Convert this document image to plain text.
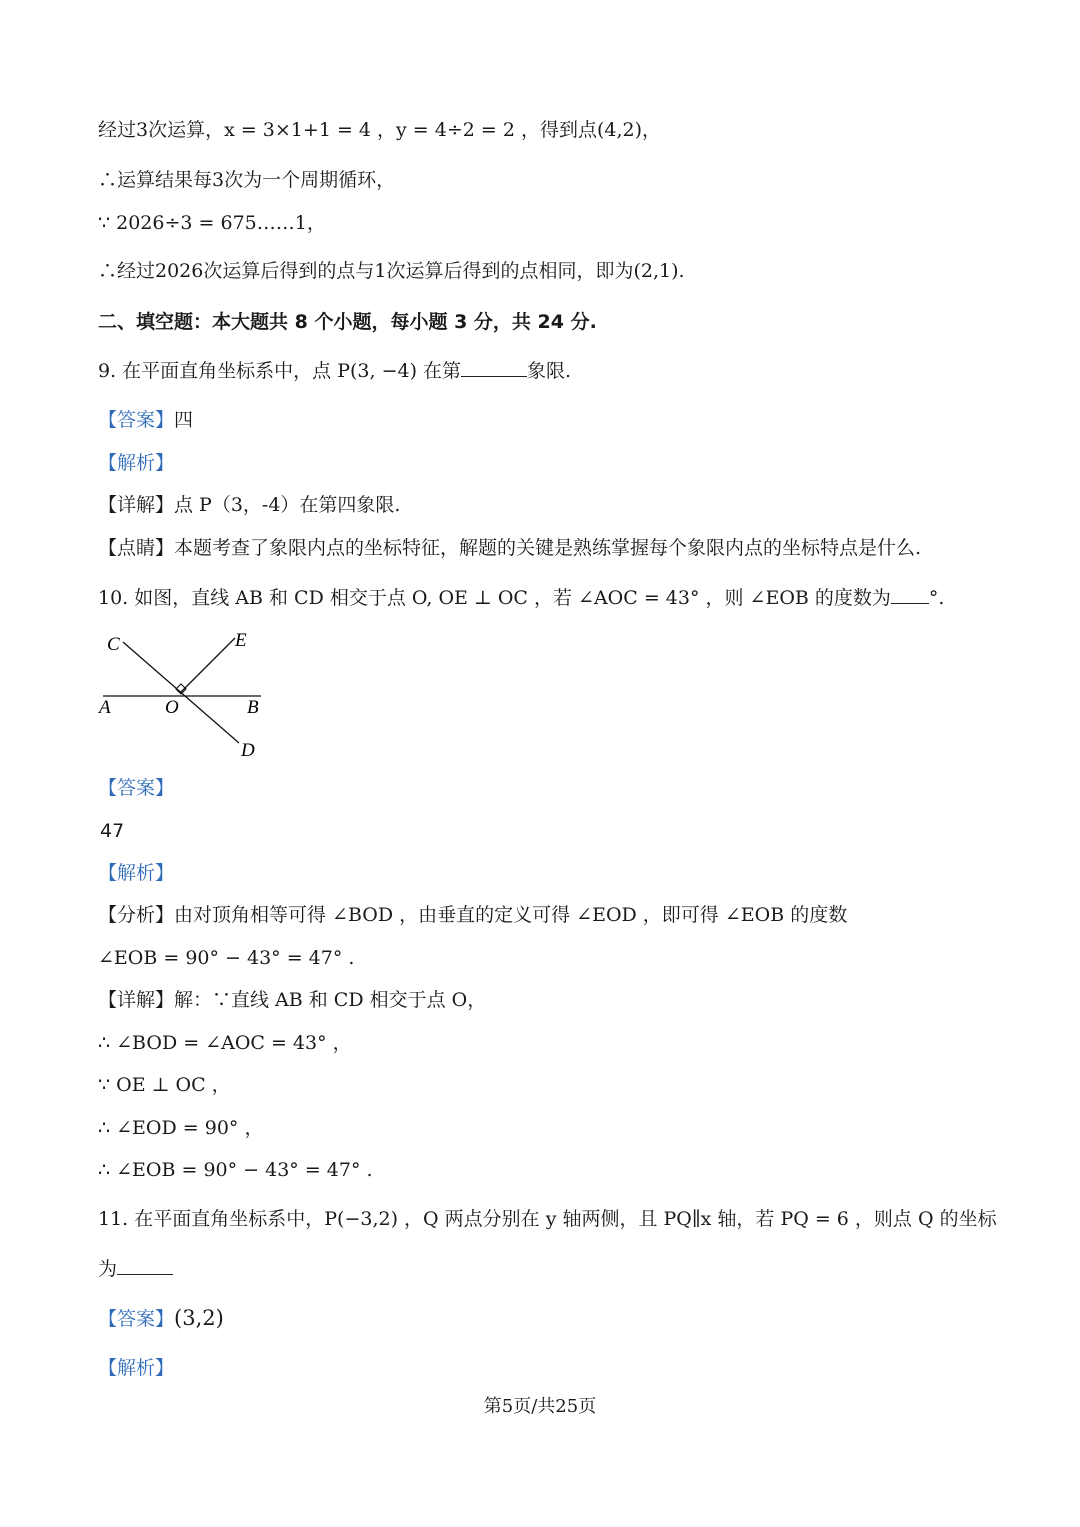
经过3次运算，x = 3×1+1 = 4 ，y = 4÷2 = 2 ，得到点(4,2)，
∴运算结果每3次为一个周期循环，
∵ 2026÷3 = 675……1，
∴经过2026次运算后得到的点与1次运算后得到的点相同，即为(2,1).
二、填空题：本大题共 8 个小题，每小题 3 分，共 24 分.
9. 在平面直角坐标系中，点 P(3, −4) 在第	象限.
【答案】四
【解析】
【详解】点 P（3，-4）在第四象限.
【点睛】本题考查了象限内点的坐标特征，解题的关键是熟练掌握每个象限内点的坐标特点是什么.
10. 如图，直线 AB 和 CD 相交于点 O, OE ⊥ OC ，若 ∠AOC = 43° ，则 ∠EOB 的度数为 °.
C	E
A	O	B
D
【答案】
47
【解析】
【分析】由对顶角相等可得 ∠BOD ，由垂直的定义可得 ∠EOD ，即可得 ∠EOB 的度数
∠EOB = 90° − 43° = 47° .
【详解】解：∵直线 AB 和 CD 相交于点 O，
∴ ∠BOD = ∠AOC = 43° ，
∵ OE ⊥ OC ，
∴ ∠EOD = 90° ，
∴ ∠EOB = 90° − 43° = 47° .
11. 在平面直角坐标系中，P(−3,2) ，Q 两点分别在 y 轴两侧，且 PQ∥x 轴，若 PQ = 6 ，则点 Q 的坐标
为
【答案】(3,2)
【解析】
第5页/共25页
